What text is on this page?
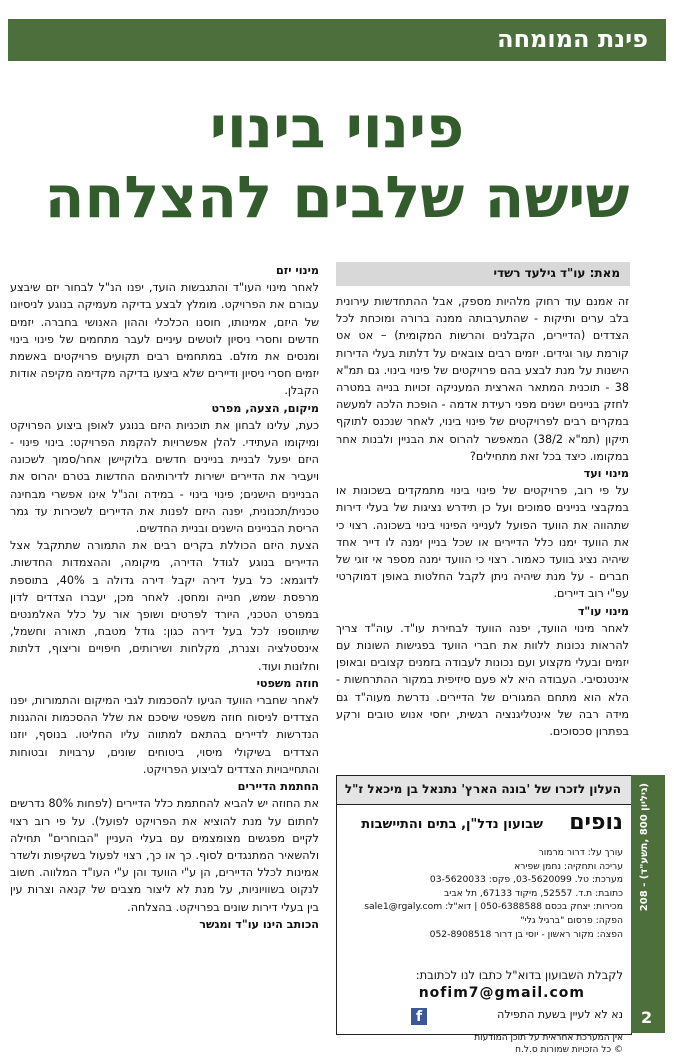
פינת המומחה
פינוי בינוי
שישה שלבים להצלחה
מאת: עו"ד גילעד רשדי

זה אמנם עוד רחוק מלהיות מספק, אבל ההתחדשות עירונית בלב ערים ותיקות - שהתערבותה ממנה ברורה ומוכחת לכל הצדדים (הדיירים, הקבלנים והרשות המקומית) – אט אט קורמת עור וגידים. יזמים רבים צובאים על דלתות בעלי הדירות הישנות על מנת לבצע בהם פרויקטים של פינוי בינוי. גם תמ"א 38 - תוכנית המתאר הארצית המעניקה זכויות בנייה במטרה לחזק בניינים ישנים מפני רעידת אדמה - הופכת הלכה למעשה במקרים רבים לפרויקטים של פינוי בינוי, לאחר שנכנס לתוקף תיקון (תמ"א 38/2) המאפשר להרוס את הבניין ולבנות אחר במקומו. כיצד בכל זאת מתחילים?

מינוי ועד

על פי רוב, פרויקטים של פינוי בינוי מתמקדים בשכונות או במקבצי בניינים סמוכים ועל כן תידרש נציגות של בעלי דירות שתהווה את הוועד הפועל לענייני הפינוי בינוי בשכונה. רצוי כי את הוועד ימנו כלל הדיירים או שכל בניין ימנה לו דייר אחד שיהיה נציג בוועד כאמור. רצוי כי הוועד ימנה מספר אי זוגי של חברים - על מנת שיהיה ניתן לקבל החלטות באופן דמוקרטי עפ"י רוב דיירים.

מינוי עו"ד

לאחר מינוי הוועד, יפנה הוועד לבחירת עו"ד. עוה"ד צריך להראות נכונות ללוות את חברי הוועד בפגישות השונות עם יזמים ובעלי מקצוע ועם נכונות לעבודה בזמנים קצובים ובאופן אינטנסיבי. העבודה היא לא פעם סיזיפית במקור ההתרחשות - הלא הוא מתחם המגורים של הדיירים. נדרשת מעוה"ד גם מידה רבה של אינטליגנציה רגשית, יחסי אנוש טובים ורקע בפתרון סכסוכים.

מינוי יזם

לאחר מינוי העו"ד והתגבשות הועד, יפנו הנ"ל לבחור יזם שיבצע עבורם את הפרויקט. מומלץ לבצע בדיקה מעמיקה בנוגע לניסיונו של היזם, אמינותו, חוסנו הכלכלי וההון האנושי בחברה. יזמים חדשים וחסרי ניסיון לוטשים עיניים לעבר מתחמים של פינוי בינוי ומנסים את מזלם. במתחמים רבים תקועים פרויקטים באשמת יזמים חסרי ניסיון ודיירים שלא ביצעו בדיקה מקדימה מקיפה אודות הקבלן.

מיקום, הצעה, מפרט

כעת, עלינו לבחון את תוכניות היזם בנוגע לאופן ביצוע הפרויקט ומיקומו העתידי. להלן אפשרויות להקמת הפרויקט: בינוי פינוי - היזם יפעל לבניית בניינים חדשים בלוקיישן אחר/סמוך לשכונה ויעביר את הדיירים ישירות לדירותיהם החדשות בטרם יהרוס את הבניינים הישנים; פינוי בינוי - במידה והנ"ל אינו אפשרי מבחינה טכנית/תכנונית, יפנה היזם לפנות את הדיירים לשכירות עד גמר הריסת הבניינים הישנים ובניית החדשים.

הצעת היזם הכוללת בקרים רבים את התמורה שתתקבל אצל הדיירים בנוגע לגודל הדירה, מיקומה, וההצמדות החדשות. לדוגמא: כל בעל דירה יקבל דירה גדולה ב 40%, בתוספת מרפסת שמש, חנייה ומחסן. לאחר מכן, יעברו הצדדים לדון במפרט הטכני, היורד לפרטים ושופך אור על כלל האלמנטים שיתווספו לכל בעל דירה כגון: גודל מטבח, תאורה וחשמל, אינסטלציה וצנרת, מקלחות ושירותים, חיפויים וריצוף, דלתות וחלונות ועוד.

חוזה משפטי

לאחר שחברי הוועד הגיעו להסכמות לגבי המיקום והתמורות, יפנו הצדדים לניסוח חוזה משפטי שיסכם את שלל ההסכמות וההגנות הנדרשות לדיירים בהתאם למתווה עליו החליטו. בנוסף, יוזנו הצדדים בשיקולי מיסוי, ביטוחים שונים, ערבויות ובטוחות והתחייבויות הצדדים לביצוע הפרויקט.

החתמת הדיירים

את החוזה יש להביא להחתמת כלל הדיירים (לפחות 80% נדרשים לחתום על מנת להוציא את הפרויקט לפועל). על פי רוב רצוי לקיים מפגשים מצומצמים עם בעלי העניין "הבוחרים" תחילה ולהשאיר המתנגדים לסוף. כך או כך, רצוי לפעול בשקיפות ולשדר אמינות לכלל הדיירים, הן ע"י הוועד והן ע"י העו"ד המלווה. חשוב לנקוט בשוויוניות, על מנת לא ליצור מצבים של קנאה וצרות עין בין בעלי דירות שונים בפרויקט. בהצלחה.

הכותב הינו עו"ד ומגשר

העלון לזכרו של 'בונה הארץ' נתנאל בן מיכאל ז"ל
נופים
שבועון נדל"ן, בתים והתיישבות
עורך על: דרור מרמור
עריכה ותחקיה: נחמן שפירא
מערכת: טל. 03-5620099, פקס: 03-5620033
כתובת: ת.ד. 52557, מיקוד 67133, תל אביב
מכירות: יצחק בכסם 050-6388588 | דוא"ל: sale1@rgaly.com
הפקה: פרסום "ברגיל גלי"
הפצה: מקור ראשון - יוסי בן דרור 052-8908518
לקבלת השבועון בדוא"ל כתבו לנו לכתובת:
nofim7@gmail.com
f	נא לא לעיין בשעת התפילה
אין המערכת אחראית על תוכן המודעות
© כל הזכויות שמורות ס.ל.ח
(גיליון 800 ,תשע"ד) - 208
2
